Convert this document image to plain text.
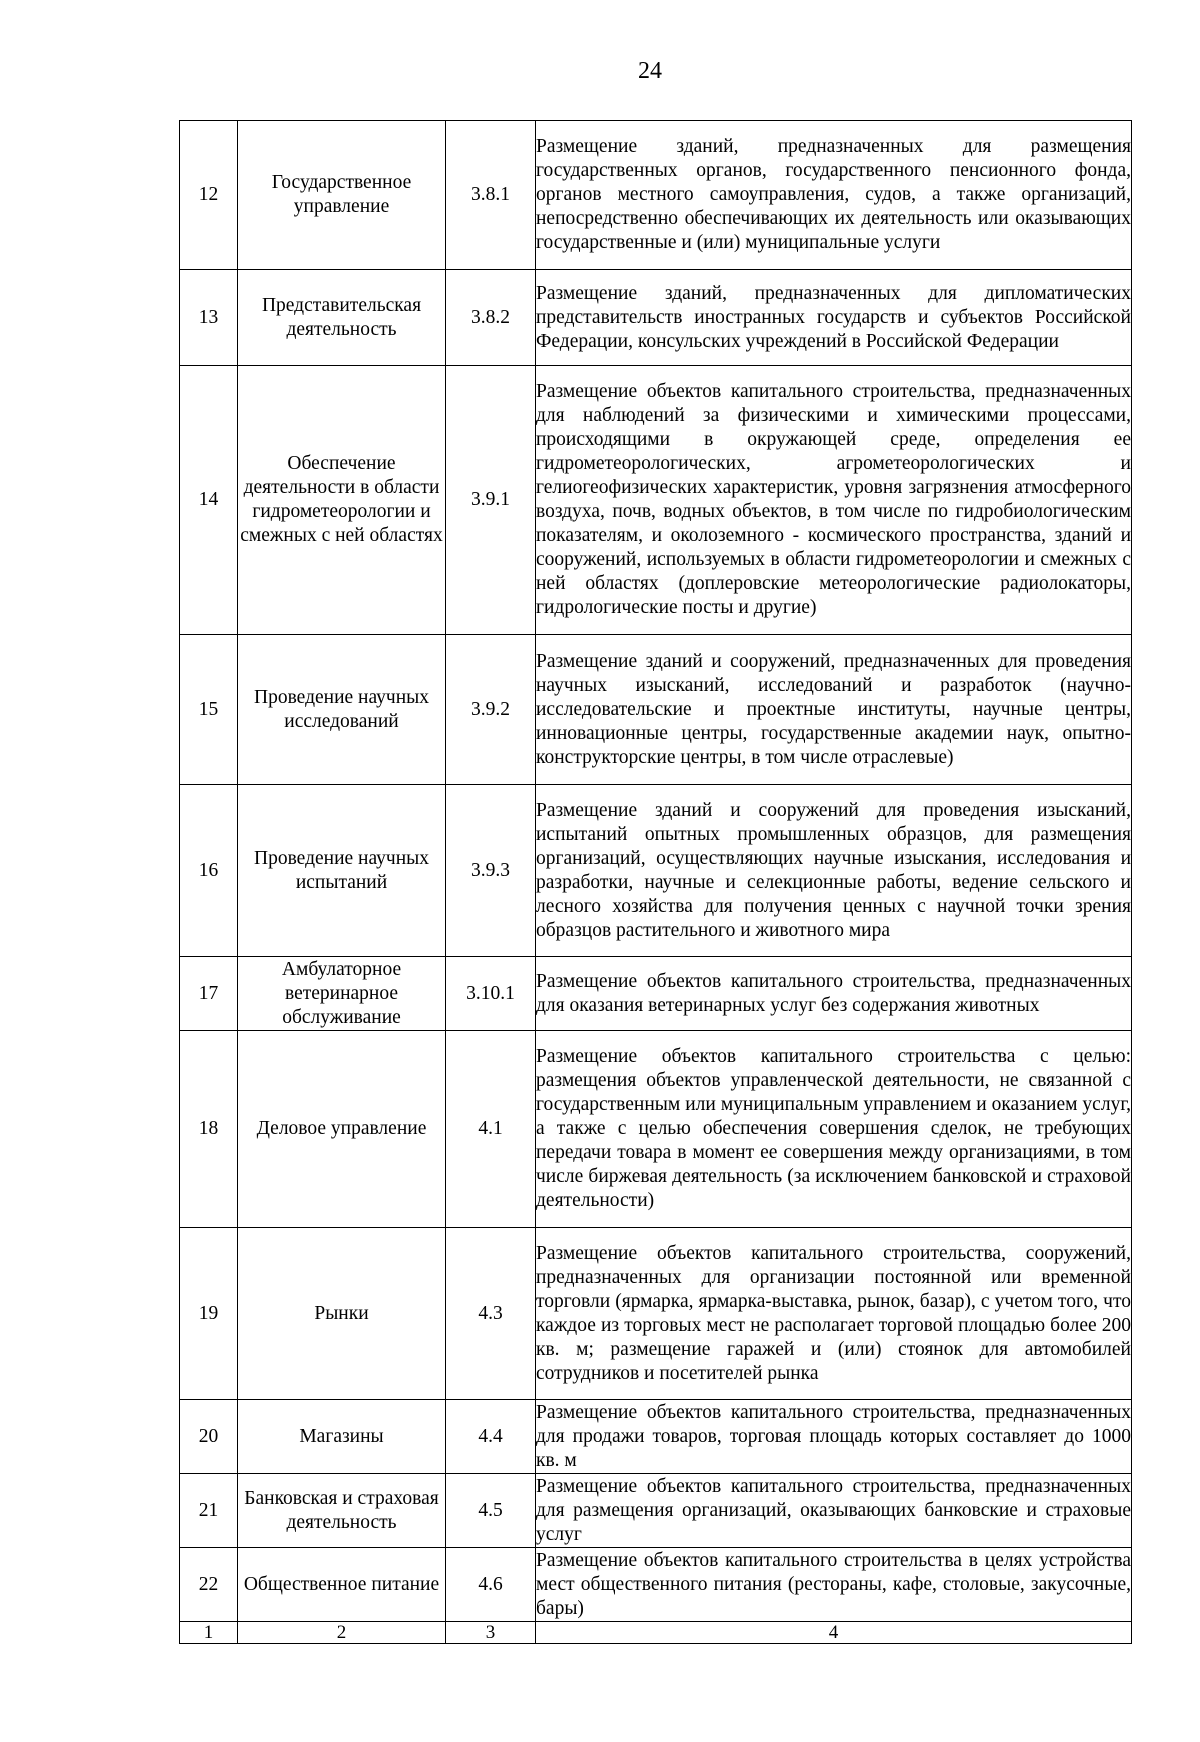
24
12	Государственное управление	3.8.1	Размещение зданий, предназначенных для размещения государственных органов, государственного пенсионного фонда, органов местного самоуправления, судов, а также организаций, непосредственно обеспечивающих их деятельность или оказывающих государственные и (или) муниципальные услуги
13	Представительская деятельность	3.8.2	Размещение зданий, предназначенных для дипломатических представительств иностранных государств и субъектов Российской Федерации, консульских учреждений в Российской Федерации
14	Обеспечение деятельности в области гидрометеорологии и смежных с ней областях	3.9.1	Размещение объектов капитального строительства, предназначенных для наблюдений за физическими и химическими процессами, происходящими в окружающей среде, определения ее гидрометеорологических, агрометеорологических и гелиогеофизических характеристик, уровня загрязнения атмосферного воздуха, почв, водных объектов, в том числе по гидробиологическим показателям, и околоземного - космического пространства, зданий и сооружений, используемых в области гидрометеорологии и смежных с ней областях (доплеровские метеорологические радиолокаторы, гидрологические посты и другие)
15	Проведение научных исследований	3.9.2	Размещение зданий и сооружений, предназначенных для проведения научных изысканий, исследований и разработок (научно-исследовательские и проектные институты, научные центры, инновационные центры, государственные академии наук, опытно-конструкторские центры, в том числе отраслевые)
16	Проведение научных испытаний	3.9.3	Размещение зданий и сооружений для проведения изысканий, испытаний опытных промышленных образцов, для размещения организаций, осуществляющих научные изыскания, исследования и разработки, научные и селекционные работы, ведение сельского и лесного хозяйства для получения ценных с научной точки зрения образцов растительного и животного мира
17	Амбулаторное ветеринарное обслуживание	3.10.1	Размещение объектов капитального строительства, предназначенных для оказания ветеринарных услуг без содержания животных
18	Деловое управление	4.1	Размещение объектов капитального строительства с целью: размещения объектов управленческой деятельности, не связанной с государственным или муниципальным управлением и оказанием услуг, а также с целью обеспечения совершения сделок, не требующих передачи товара в момент ее совершения между организациями, в том числе биржевая деятельность (за исключением банковской и страховой деятельности)
19	Рынки	4.3	Размещение объектов капитального строительства, сооружений, предназначенных для организации постоянной или временной торговли (ярмарка, ярмарка-выставка, рынок, базар), с учетом того, что каждое из торговых мест не располагает торговой площадью более 200 кв. м; размещение гаражей и (или) стоянок для автомобилей сотрудников и посетителей рынка
20	Магазины	4.4	Размещение объектов капитального строительства, предназначенных для продажи товаров, торговая площадь которых составляет до 1000 кв. м
21	Банковская и страховая деятельность	4.5	Размещение объектов капитального строительства, предназначенных для размещения организаций, оказывающих банковские и страховые услуг
22	Общественное питание	4.6	Размещение объектов капитального строительства в целях устройства мест общественного питания (рестораны, кафе, столовые, закусочные, бары)
1	2	3	4
